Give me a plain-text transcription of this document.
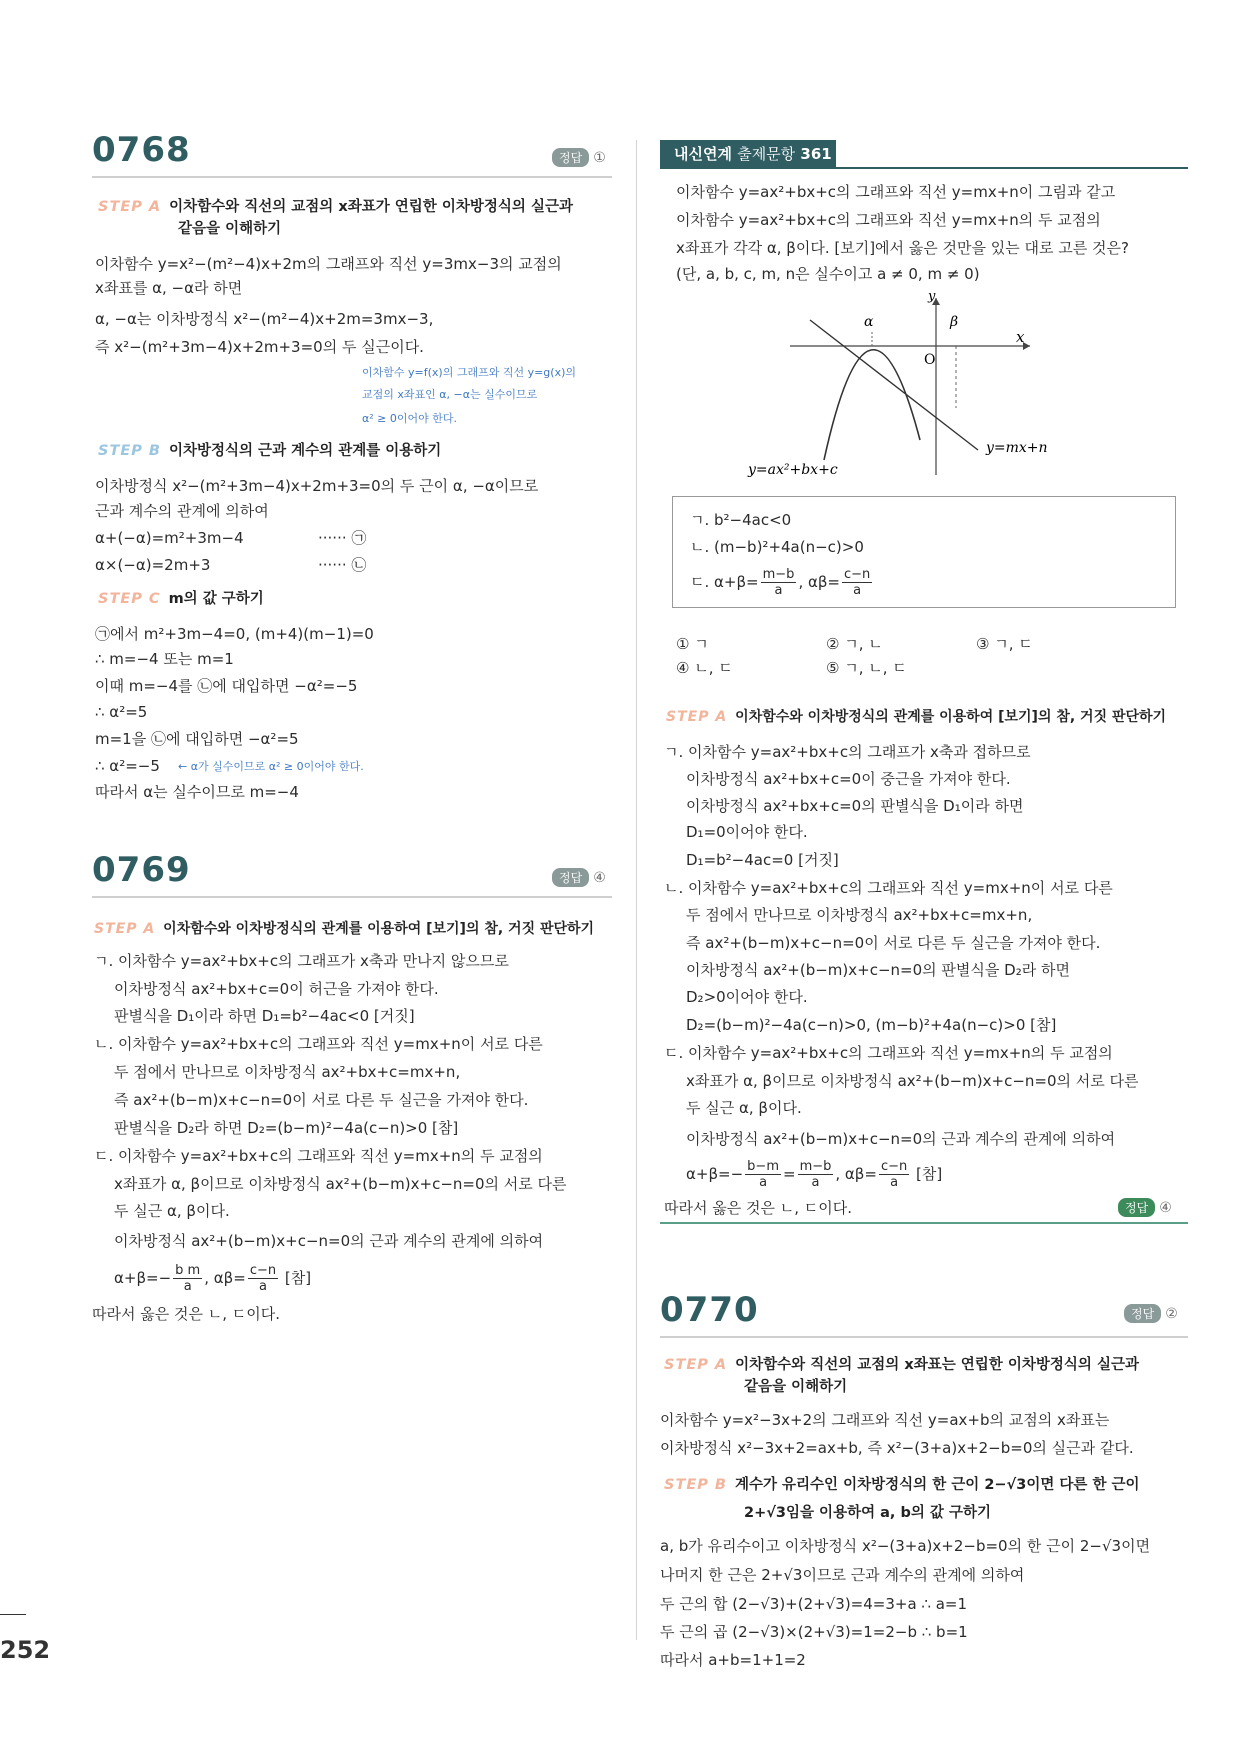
0768	정답 ①
STEP A 이차함수와 직선의 교점의 x좌표가 연립한 이차방정식의 실근과
같음을 이해하기
이차함수 y=x²−(m²−4)x+2m의 그래프와 직선 y=3mx−3의 교점의
x좌표를 α, −α라 하면
α, −α는 이차방정식 x²−(m²−4)x+2m=3mx−3,
즉 x²−(m²+3m−4)x+2m+3=0의 두 실근이다.
이차함수 y=f(x)의 그래프와 직선 y=g(x)의
교점의 x좌표인 α, −α는 실수이므로
α² ≥ 0이어야 한다.
STEP B 이차방정식의 근과 계수의 관계를 이용하기
이차방정식 x²−(m²+3m−4)x+2m+3=0의 두 근이 α, −α이므로
근과 계수의 관계에 의하여
α+(−α)=m²+3m−4	······ ㉠
α×(−α)=2m+3	······ ㉡
STEP C m의 값 구하기
㉠에서 m²+3m−4=0, (m+4)(m−1)=0
∴ m=−4 또는 m=1
이때 m=−4를 ㉡에 대입하면 −α²=−5
∴ α²=5
m=1을 ㉡에 대입하면 −α²=5
∴ α²=−5 ← α가 실수이므로 α² ≥ 0이어야 한다.
따라서 α는 실수이므로 m=−4
0769	정답 ④
STEP A 이차함수와 이차방정식의 관계를 이용하여 [보기]의 참, 거짓 판단하기
ㄱ. 이차함수 y=ax²+bx+c의 그래프가 x축과 만나지 않으므로
이차방정식 ax²+bx+c=0이 허근을 가져야 한다.
판별식을 D₁이라 하면 D₁=b²−4ac<0 [거짓]
ㄴ. 이차함수 y=ax²+bx+c의 그래프와 직선 y=mx+n이 서로 다른
두 점에서 만나므로 이차방정식 ax²+bx+c=mx+n,
즉 ax²+(b−m)x+c−n=0이 서로 다른 두 실근을 가져야 한다.
판별식을 D₂라 하면 D₂=(b−m)²−4a(c−n)>0 [참]
ㄷ. 이차함수 y=ax²+bx+c의 그래프와 직선 y=mx+n의 두 교점의
x좌표가 α, β이므로 이차방정식 ax²+(b−m)x+c−n=0의 서로 다른
두 실근 α, β이다.
이차방정식 ax²+(b−m)x+c−n=0의 근과 계수의 관계에 의하여
$\alpha+\beta=- \frac{\text{b m}}{a}$ , $\alpha\beta= \frac{c-n}{a}$ [참]
따라서 옳은 것은 ㄴ, ㄷ이다.
내신연계 출제문항 361
이차함수 y=ax²+bx+c의 그래프와 직선 y=mx+n이 그림과 같고
이차함수 y=ax²+bx+c의 그래프와 직선 y=mx+n의 두 교점의
x좌표가 각각 α, β이다. [보기]에서 옳은 것만을 있는 대로 고른 것은?
(단, a, b, c, m, n은 실수이고 a ≠ 0, m ≠ 0)
y
x
O
α	β
y=mx+n
y=ax²+bx+c
ㄱ. b²−4ac<0
ㄴ. (m−b)²+4a(n−c)>0
ㄷ. $\alpha+\beta= \frac{m-b}{a}$ , $\alpha\beta= \frac{c-n}{a}$
① ㄱ	② ㄱ, ㄴ	③ ㄱ, ㄷ
④ ㄴ, ㄷ	⑤ ㄱ, ㄴ, ㄷ
STEP A 이차함수와 이차방정식의 관계를 이용하여 [보기]의 참, 거짓 판단하기
ㄱ. 이차함수 y=ax²+bx+c의 그래프가 x축과 접하므로
이차방정식 ax²+bx+c=0이 중근을 가져야 한다.
이차방정식 ax²+bx+c=0의 판별식을 D₁이라 하면
D₁=0이어야 한다.
D₁=b²−4ac=0 [거짓]
ㄴ. 이차함수 y=ax²+bx+c의 그래프와 직선 y=mx+n이 서로 다른
두 점에서 만나므로 이차방정식 ax²+bx+c=mx+n,
즉 ax²+(b−m)x+c−n=0이 서로 다른 두 실근을 가져야 한다.
이차방정식 ax²+(b−m)x+c−n=0의 판별식을 D₂라 하면
D₂>0이어야 한다.
D₂=(b−m)²−4a(c−n)>0, (m−b)²+4a(n−c)>0 [참]
ㄷ. 이차함수 y=ax²+bx+c의 그래프와 직선 y=mx+n의 두 교점의
x좌표가 α, β이므로 이차방정식 ax²+(b−m)x+c−n=0의 서로 다른
두 실근 α, β이다.
이차방정식 ax²+(b−m)x+c−n=0의 근과 계수의 관계에 의하여
$\alpha+\beta=- \frac{b-m}{a} = \frac{m-b}{a}$ , $\alpha\beta= \frac{c-n}{a}$ [참]
따라서 옳은 것은 ㄴ, ㄷ이다.	정답 ④
0770	정답 ②
STEP A 이차함수와 직선의 교점의 x좌표는 연립한 이차방정식의 실근과
같음을 이해하기
이차함수 y=x²−3x+2의 그래프와 직선 y=ax+b의 교점의 x좌표는
이차방정식 x²−3x+2=ax+b, 즉 x²−(3+a)x+2−b=0의 실근과 같다.
STEP B 계수가 유리수인 이차방정식의 한 근이 2−√3이면 다른 한 근이
2+√3임을 이용하여 a, b의 값 구하기
a, b가 유리수이고 이차방정식 x²−(3+a)x+2−b=0의 한 근이 2−√3이면
나머지 한 근은 2+√3이므로 근과 계수의 관계에 의하여
두 근의 합 (2−√3)+(2+√3)=4=3+a ∴ a=1
두 근의 곱 (2−√3)×(2+√3)=1=2−b ∴ b=1
따라서 a+b=1+1=2
252
